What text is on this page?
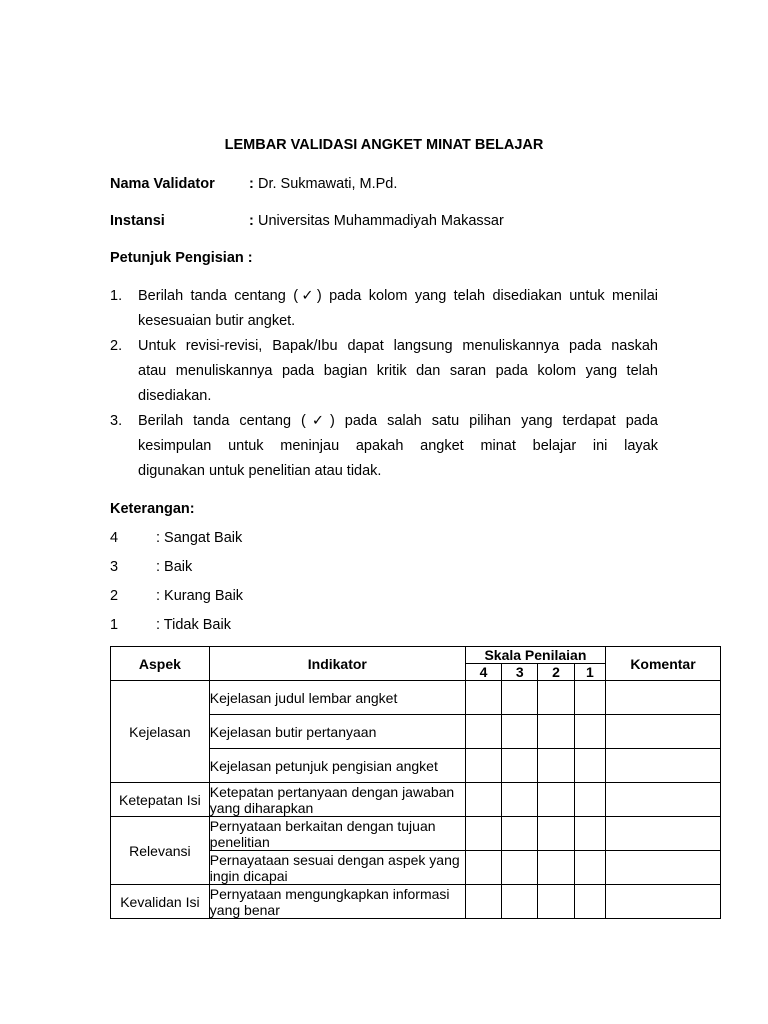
LEMBAR VALIDASI ANGKET MINAT BELAJAR
Nama Validator : Dr. Sukmawati, M.Pd.
Instansi	: Universitas Muhammadiyah Makassar
Petunjuk Pengisian :
1. Berilah tanda centang (✓) pada kolom yang telah disediakan untuk menilai
kesesuaian butir angket.
2. Untuk revisi-revisi, Bapak/Ibu dapat langsung menuliskannya pada naskah
atau menuliskannya pada bagian kritik dan saran pada kolom yang telah
disediakan.
3. Berilah tanda centang (✓) pada salah satu pilihan yang terdapat pada
kesimpulan untuk meninjau apakah angket minat belajar ini layak
digunakan untuk penelitian atau tidak.
Keterangan:
4	: Sangat Baik
3	: Baik
2	: Kurang Baik
1	: Tidak Baik
Aspek	Indikator	Skala Penilaian				Komentar
		4	3	2	1	
Kejelasan	Kejelasan judul lembar angket					
	Kejelasan butir pertanyaan					
	Kejelasan petunjuk pengisian angket					
Ketepatan Isi	Ketepatan pertanyaan dengan jawaban yang diharapkan					
Relevansi	Pernyataan berkaitan dengan tujuan penelitian					
	Pernayataan sesuai dengan aspek yang ingin dicapai					
Kevalidan Isi	Pernyataan mengungkapkan informasi yang benar					
